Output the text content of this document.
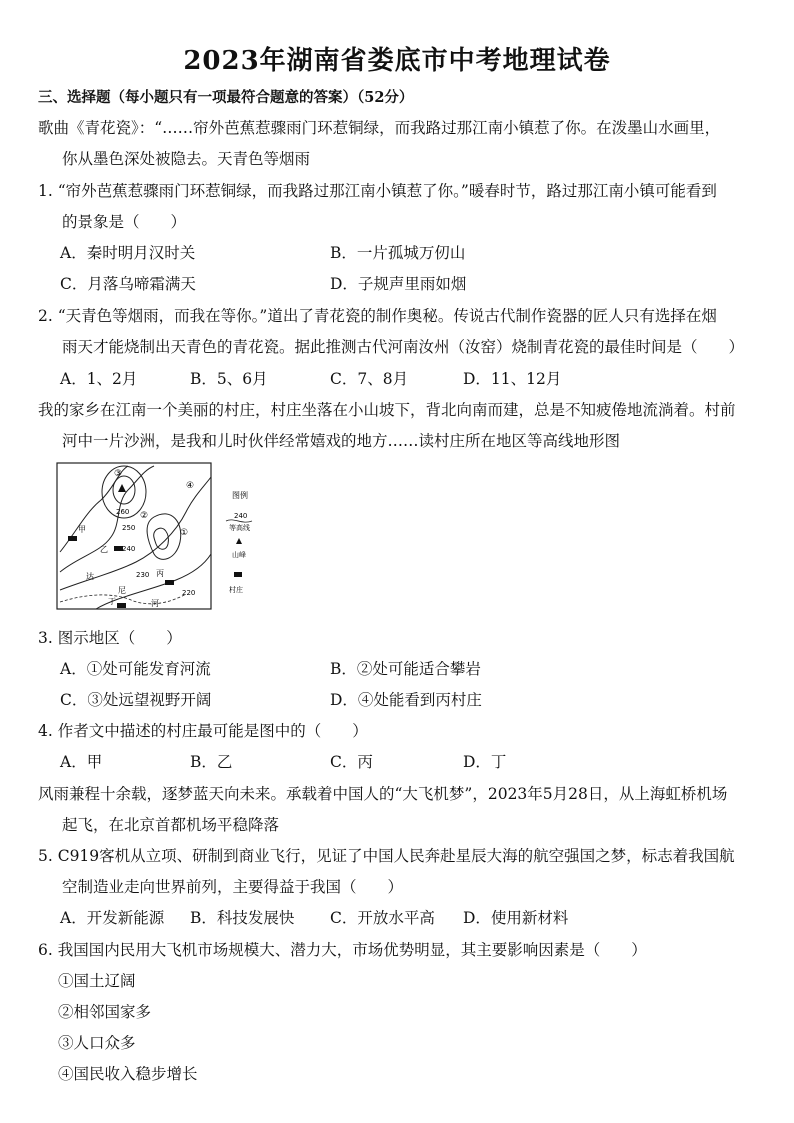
2023年湖南省娄底市中考地理试卷
三、选择题（每小题只有一项最符合题意的答案）（52分）
歌曲《青花瓷》：“……帘外芭蕉惹骤雨门环惹铜绿，而我路过那江南小镇惹了你。在泼墨山水画里，
你从墨色深处被隐去。天青色等烟雨
1. “帘外芭蕉惹骤雨门环惹铜绿，而我路过那江南小镇惹了你。”暖春时节，路过那江南小镇可能看到
的景象是（　　）
A．秦时明月汉时关	B．一片孤城万仞山
C．月落乌啼霜满天	D．子规声里雨如烟
2. “天青色等烟雨，而我在等你。”道出了青花瓷的制作奥秘。传说古代制作瓷器的匠人只有选择在烟
雨天才能烧制出天青色的青花瓷。据此推测古代河南汝州（汝窑）烧制青花瓷的最佳时间是（　　）
A．1、2月	B．5、6月	C．7、8月	D．11、12月
我的家乡在江南一个美丽的村庄，村庄坐落在小山坡下，背北向南而建，总是不知疲倦地流淌着。村前
河中一片沙洲，是我和儿时伙伴经常嬉戏的地方……读村庄所在地区等高线地形图
③
④
②
①
甲
乙
丙
丁
260
250
240
230
220
达
尼
河
图例
240
等高线
山峰
村庄
3. 图示地区（　　）
A．①处可能发育河流	B．②处可能适合攀岩
C．③处远望视野开阔	D．④处能看到丙村庄
4. 作者文中描述的村庄最可能是图中的（　　）
A．甲	B．乙	C．丙	D．丁
风雨兼程十余载，逐梦蓝天向未来。承载着中国人的“大飞机梦”，2023年5月28日，从上海虹桥机场
起飞，在北京首都机场平稳降落
5. C919客机从立项、研制到商业飞行，见证了中国人民奔赴星辰大海的航空强国之梦，标志着我国航
空制造业走向世界前列，主要得益于我国（　　）
A．开发新能源 B．科技发展快 C．开放水平高 D．使用新材料
6. 我国国内民用大飞机市场规模大、潜力大，市场优势明显，其主要影响因素是（　　）
①国土辽阔
②相邻国家多
③人口众多
④国民收入稳步增长
